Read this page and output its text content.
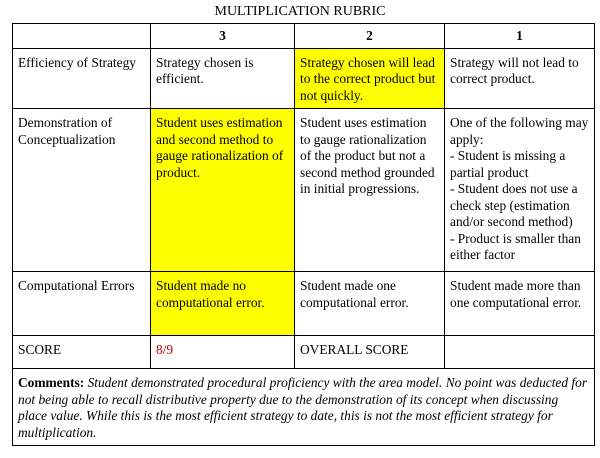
MULTIPLICATION RUBRIC
	3	2	1
Efficiency of Strategy	Strategy chosen is efficient.	Strategy chosen will lead to the correct product but not quickly.	Strategy will not lead to correct product.
Demonstration of Conceptualization	Student uses estimation and second method to gauge rationalization of product.	Student uses estimation to gauge rationalization of the product but not a second method grounded in initial progressions.	One of the following may apply:
- Student is missing a partial product
- Student does not use a check step (estimation and/or second method)
- Product is smaller than either factor

Computational Errors	Student made no computational error.	Student made one computational error.	Student made more than one computational error.
SCORE	8/9	OVERALL SCORE	
Comments: Student demonstrated procedural proficiency with the area model. No point was deducted for not being able to recall distributive property due to the demonstration of its concept when discussing place value. While this is the most efficient strategy to date, this is not the most efficient strategy for multiplication.			
